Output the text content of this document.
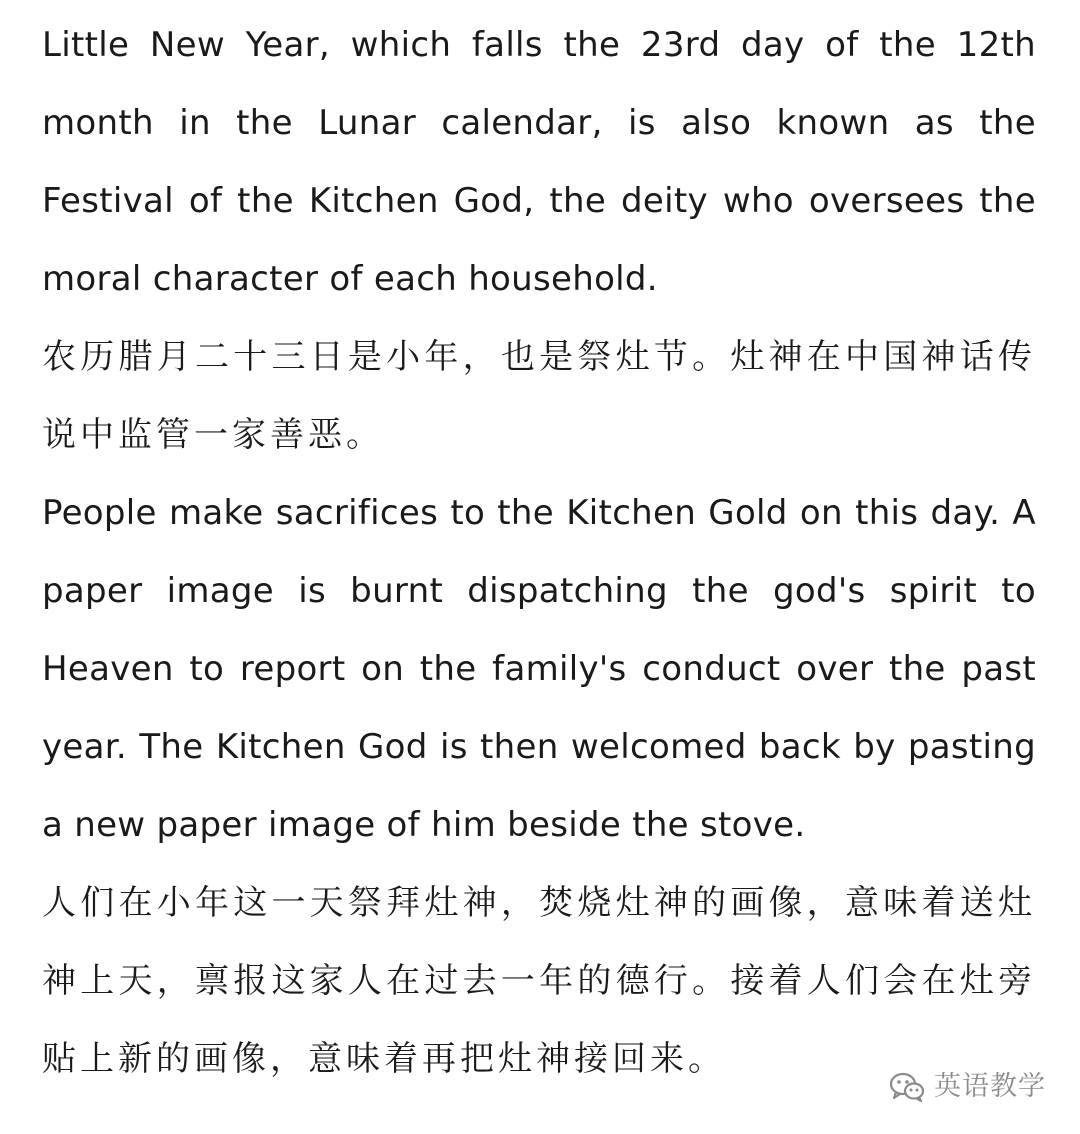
Little New Year, which falls the 23rd day of the 12th month in the Lunar calendar, is also known as the Festival of the Kitchen God, the deity who oversees the moral character of each household.

农历腊月二十三日是小年，也是祭灶节。灶神在中国神话传说中监管一家善恶。

People make sacrifices to the Kitchen Gold on this day. A paper image is burnt dispatching the god's spirit to Heaven to report on the family's conduct over the past year. The Kitchen God is then welcomed back by pasting a new paper image of him beside the stove.

人们在小年这一天祭拜灶神，焚烧灶神的画像，意味着送灶神上天，禀报这家人在过去一年的德行。接着人们会在灶旁贴上新的画像，意味着再把灶神接回来。

英语教学
